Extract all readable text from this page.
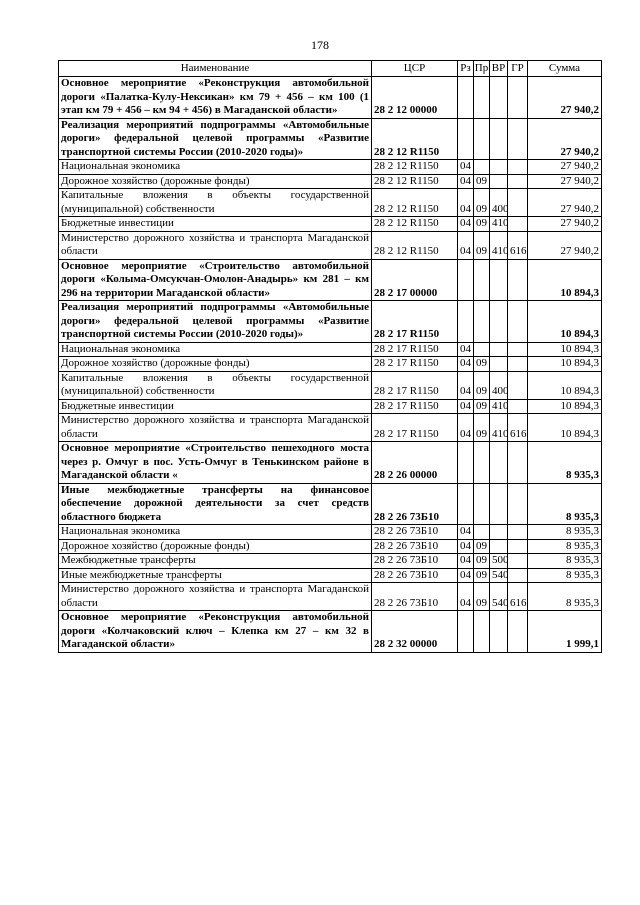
178
Наименование	ЦСР	Рз	Пр	ВР	ГР	Сумма
Основное мероприятие «Реконструкция автомобильной дороги «Палатка-Кулу-Нексикан» км 79 + 456 – км 100 (1 этап км 79 + 456 – км 94 + 456) в Магаданской области»	28 2 12 00000					27 940,2
Реализация мероприятий подпрограммы «Автомобильные дороги» федеральной целевой программы «Развитие транспортной системы России (2010-2020 годы)»	28 2 12 R1150					27 940,2
Национальная экономика	28 2 12 R1150	04				27 940,2
Дорожное хозяйство (дорожные фонды)	28 2 12 R1150	04	09			27 940,2
Капитальные вложения в объекты государственной (муниципальной) собственности	28 2 12 R1150	04	09	400		27 940,2
Бюджетные инвестиции	28 2 12 R1150	04	09	410		27 940,2
Министерство дорожного хозяйства и транспорта Магаданской области	28 2 12 R1150	04	09	410	616	27 940,2
Основное мероприятие «Строительство автомобильной дороги «Колыма-Омсукчан-Омолон-Анадырь» км 281 – км 296 на территории Магаданской области»	28 2 17 00000					10 894,3
Реализация мероприятий подпрограммы «Автомобильные дороги» федеральной целевой программы «Развитие транспортной системы России (2010-2020 годы)»	28 2 17 R1150					10 894,3
Национальная экономика	28 2 17 R1150	04				10 894,3
Дорожное хозяйство (дорожные фонды)	28 2 17 R1150	04	09			10 894,3
Капитальные вложения в объекты государственной (муниципальной) собственности	28 2 17 R1150	04	09	400		10 894,3
Бюджетные инвестиции	28 2 17 R1150	04	09	410		10 894,3
Министерство дорожного хозяйства и транспорта Магаданской области	28 2 17 R1150	04	09	410	616	10 894,3
Основное мероприятие «Строительство пешеходного моста через р. Омчуг в пос. Усть-Омчуг в Тенькинском районе в Магаданской области «	28 2 26 00000					8 935,3
Иные межбюджетные трансферты на финансовое обеспечение дорожной деятельности за счет средств областного бюджета	28 2 26 73Б10					8 935,3
Национальная экономика	28 2 26 73Б10	04				8 935,3
Дорожное хозяйство (дорожные фонды)	28 2 26 73Б10	04	09			8 935,3
Межбюджетные трансферты	28 2 26 73Б10	04	09	500		8 935,3
Иные межбюджетные трансферты	28 2 26 73Б10	04	09	540		8 935,3
Министерство дорожного хозяйства и транспорта Магаданской области	28 2 26 73Б10	04	09	540	616	8 935,3
Основное мероприятие «Реконструкция автомобильной дороги «Колчаковский ключ – Клепка км 27 – км 32 в Магаданской области»	28 2 32 00000					1 999,1
